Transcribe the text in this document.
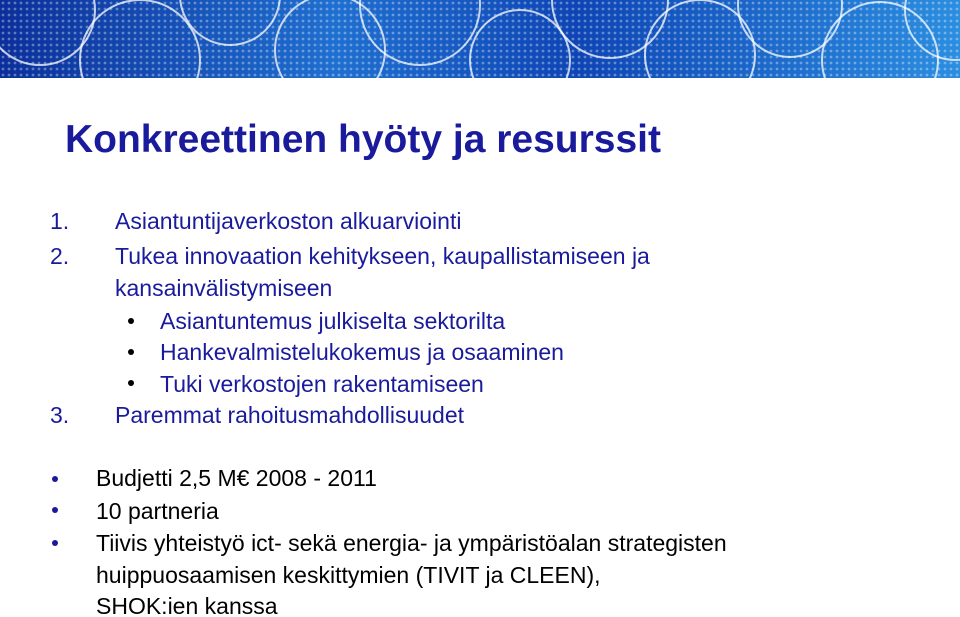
Konkreettinen hyöty ja resurssit
1. Asiantuntijaverkoston alkuarviointi
2. Tukea innovaation kehitykseen, kaupallistamiseen ja
kansainvälistymiseen
Asiantuntemus julkiselta sektorilta
Hankevalmistelukokemus ja osaaminen
Tuki verkostojen rakentamiseen
3. Paremmat rahoitusmahdollisuudet
Budjetti 2,5 M€ 2008 - 2011
10 partneria
Tiivis yhteistyö ict- sekä energia- ja ympäristöalan strategisten
huippuosaamisen keskittymien (TIVIT ja CLEEN),
SHOK:ien kanssa
